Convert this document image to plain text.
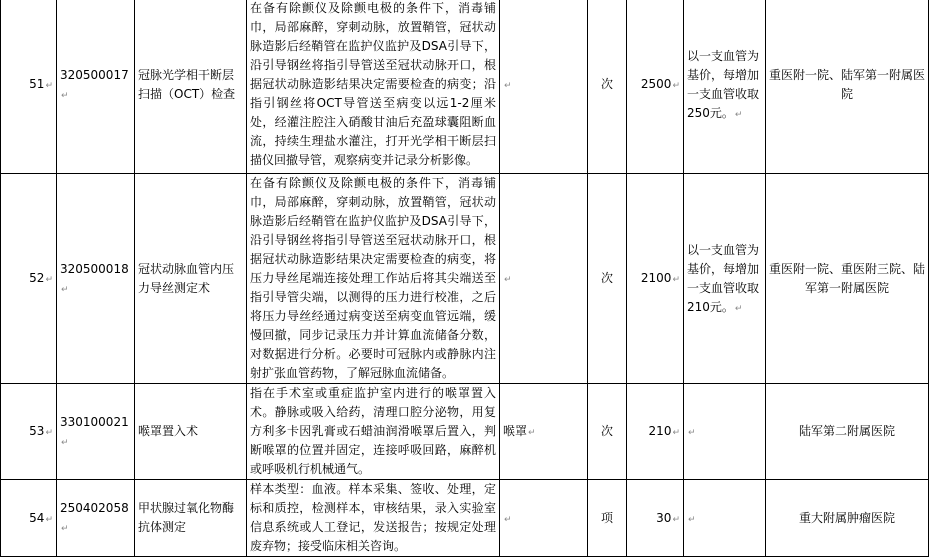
51↵	320500017↵	冠脉光学相干断层扫描（OCT）检查	在备有除颤仪及除颤电极的条件下，消毒铺巾，局部麻醉，穿刺动脉，放置鞘管，冠状动脉造影后经鞘管在监护仪监护及DSA引导下，沿引导钢丝将指引导管送至冠状动脉开口，根据冠状动脉造影结果决定需要检查的病变；沿指引钢丝将OCT导管送至病变以远1-2厘米处，经灌注腔注入硝酸甘油后充盈球囊阻断血流，持续生理盐水灌注，打开光学相干断层扫描仪回撤导管，观察病变并记录分析影像。	↵	次	2500↵	以一支血管为基价，每增加一支血管收取250元。↵	重医附一院、陆军第一附属医院
52↵	320500018↵	冠状动脉血管内压力导丝测定术	在备有除颤仪及除颤电极的条件下，消毒铺巾，局部麻醉，穿刺动脉，放置鞘管，冠状动脉造影后经鞘管在监护仪监护及DSA引导下，沿引导钢丝将指引导管送至冠状动脉开口，根据冠状动脉造影结果决定需要检查的病变，将压力导丝尾端连接处理工作站后将其尖端送至指引导管尖端，以测得的压力进行校准，之后将压力导丝经通过病变送至病变血管远端，缓慢回撤，同步记录压力并计算血流储备分数，对数据进行分析。必要时可冠脉内或静脉内注射扩张血管药物，了解冠脉血流储备。	↵	次	2100↵	以一支血管为基价，每增加一支血管收取210元。↵	重医附一院、重医附三院、陆军第一附属医院
53↵	330100021↵	喉罩置入术	指在手术室或重症监护室内进行的喉罩置入术。静脉或吸入给药，清理口腔分泌物，用复方利多卡因乳膏或石蜡油润滑喉罩后置入，判断喉罩的位置并固定，连接呼吸回路，麻醉机或呼吸机行机械通气。	喉罩↵	次	210↵	↵	陆军第二附属医院
54↵	250402058↵	甲状腺过氧化物酶抗体测定	样本类型：血液。样本采集、签收、处理，定标和质控，检测样本，审核结果，录入实验室信息系统或人工登记，发送报告；按规定处理废弃物；接受临床相关咨询。	↵	项	30↵	↵	重大附属肿瘤医院
